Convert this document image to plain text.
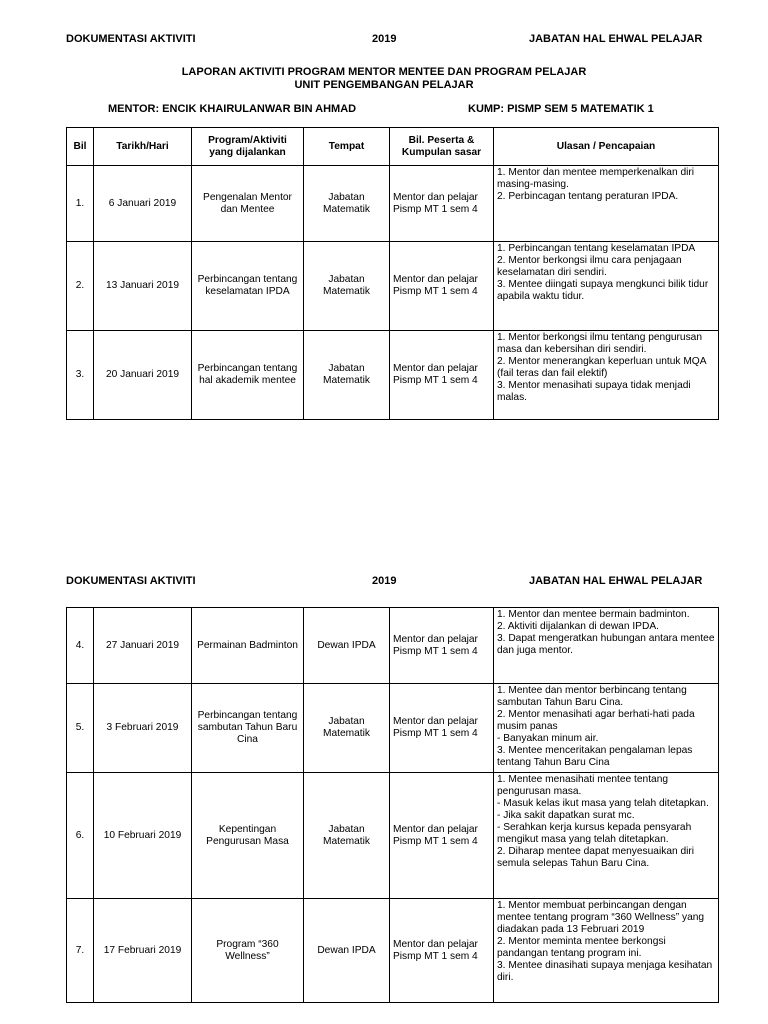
DOKUMENTASI AKTIVITI	2019	JABATAN HAL EHWAL PELAJAR
LAPORAN AKTIVITI PROGRAM MENTOR MENTEE DAN PROGRAM PELAJAR
UNIT PENGEMBANGAN PELAJAR
MENTOR: ENCIK KHAIRULANWAR BIN AHMAD	KUMP: PISMP SEM 5 MATEMATIK 1
Bil	Tarikh/Hari	Program/Aktiviti yang dijalankan	Tempat	Bil. Peserta & Kumpulan sasar	Ulasan / Pencapaian
1.	6 Januari 2019	Pengenalan Mentor dan Mentee	Jabatan Matematik	Mentor dan pelajar Pismp MT 1 sem 4	1. Mentor dan mentee memperkenalkan diri masing-masing.
2. Perbincagan tentang peraturan IPDA.

2.	13 Januari 2019	Perbincangan tentang keselamatan IPDA	Jabatan Matematik	Mentor dan pelajar Pismp MT 1 sem 4	1. Perbincangan tentang keselamatan IPDA
2. Mentor berkongsi ilmu cara penjagaan keselamatan diri sendiri.
3. Mentee diingati supaya mengkunci bilik tidur apabila waktu tidur.

3.	20 Januari 2019	Perbincangan tentang hal akademik mentee	Jabatan Matematik	Mentor dan pelajar Pismp MT 1 sem 4	1. Mentor berkongsi ilmu tentang pengurusan masa dan kebersihan diri sendiri.
2. Mentor menerangkan keperluan untuk MQA (fail teras dan fail elektif)
3. Mentor menasihati supaya tidak menjadi malas.
DOKUMENTASI AKTIVITI	2019	JABATAN HAL EHWAL PELAJAR
4.	27 Januari 2019	Permainan Badminton	Dewan IPDA	Mentor dan pelajar Pismp MT 1 sem 4	1. Mentor dan mentee bermain badminton.
2. Aktiviti dijalankan di dewan IPDA.
3. Dapat mengeratkan hubungan antara mentee dan juga mentor.

5.	3 Februari 2019	Perbincangan tentang sambutan Tahun Baru Cina	Jabatan Matematik	Mentor dan pelajar Pismp MT 1 sem 4	1. Mentee dan mentor berbincang tentang sambutan Tahun Baru Cina.
2. Mentor menasihati agar berhati-hati pada musim panas
- Banyakan minum air.
3. Mentee menceritakan pengalaman lepas tentang Tahun Baru Cina

6.	10 Februari 2019	Kepentingan Pengurusan Masa	Jabatan Matematik	Mentor dan pelajar Pismp MT 1 sem 4	1. Mentee menasihati mentee tentang pengurusan masa.
- Masuk kelas ikut masa yang telah ditetapkan.
- Jika sakit dapatkan surat mc.
- Serahkan kerja kursus kepada pensyarah mengikut masa yang telah ditetapkan.
2. Diharap mentee dapat menyesuaikan diri semula selepas Tahun Baru Cina.

7.	17 Februari 2019	Program “360 Wellness”	Dewan IPDA	Mentor dan pelajar Pismp MT 1 sem 4	1. Mentor membuat perbincangan dengan mentee tentang program “360 Wellness” yang diadakan pada 13 Februari 2019
2. Mentor meminta mentee berkongsi pandangan tentang program ini.
3. Mentee dinasihati supaya menjaga kesihatan diri.
